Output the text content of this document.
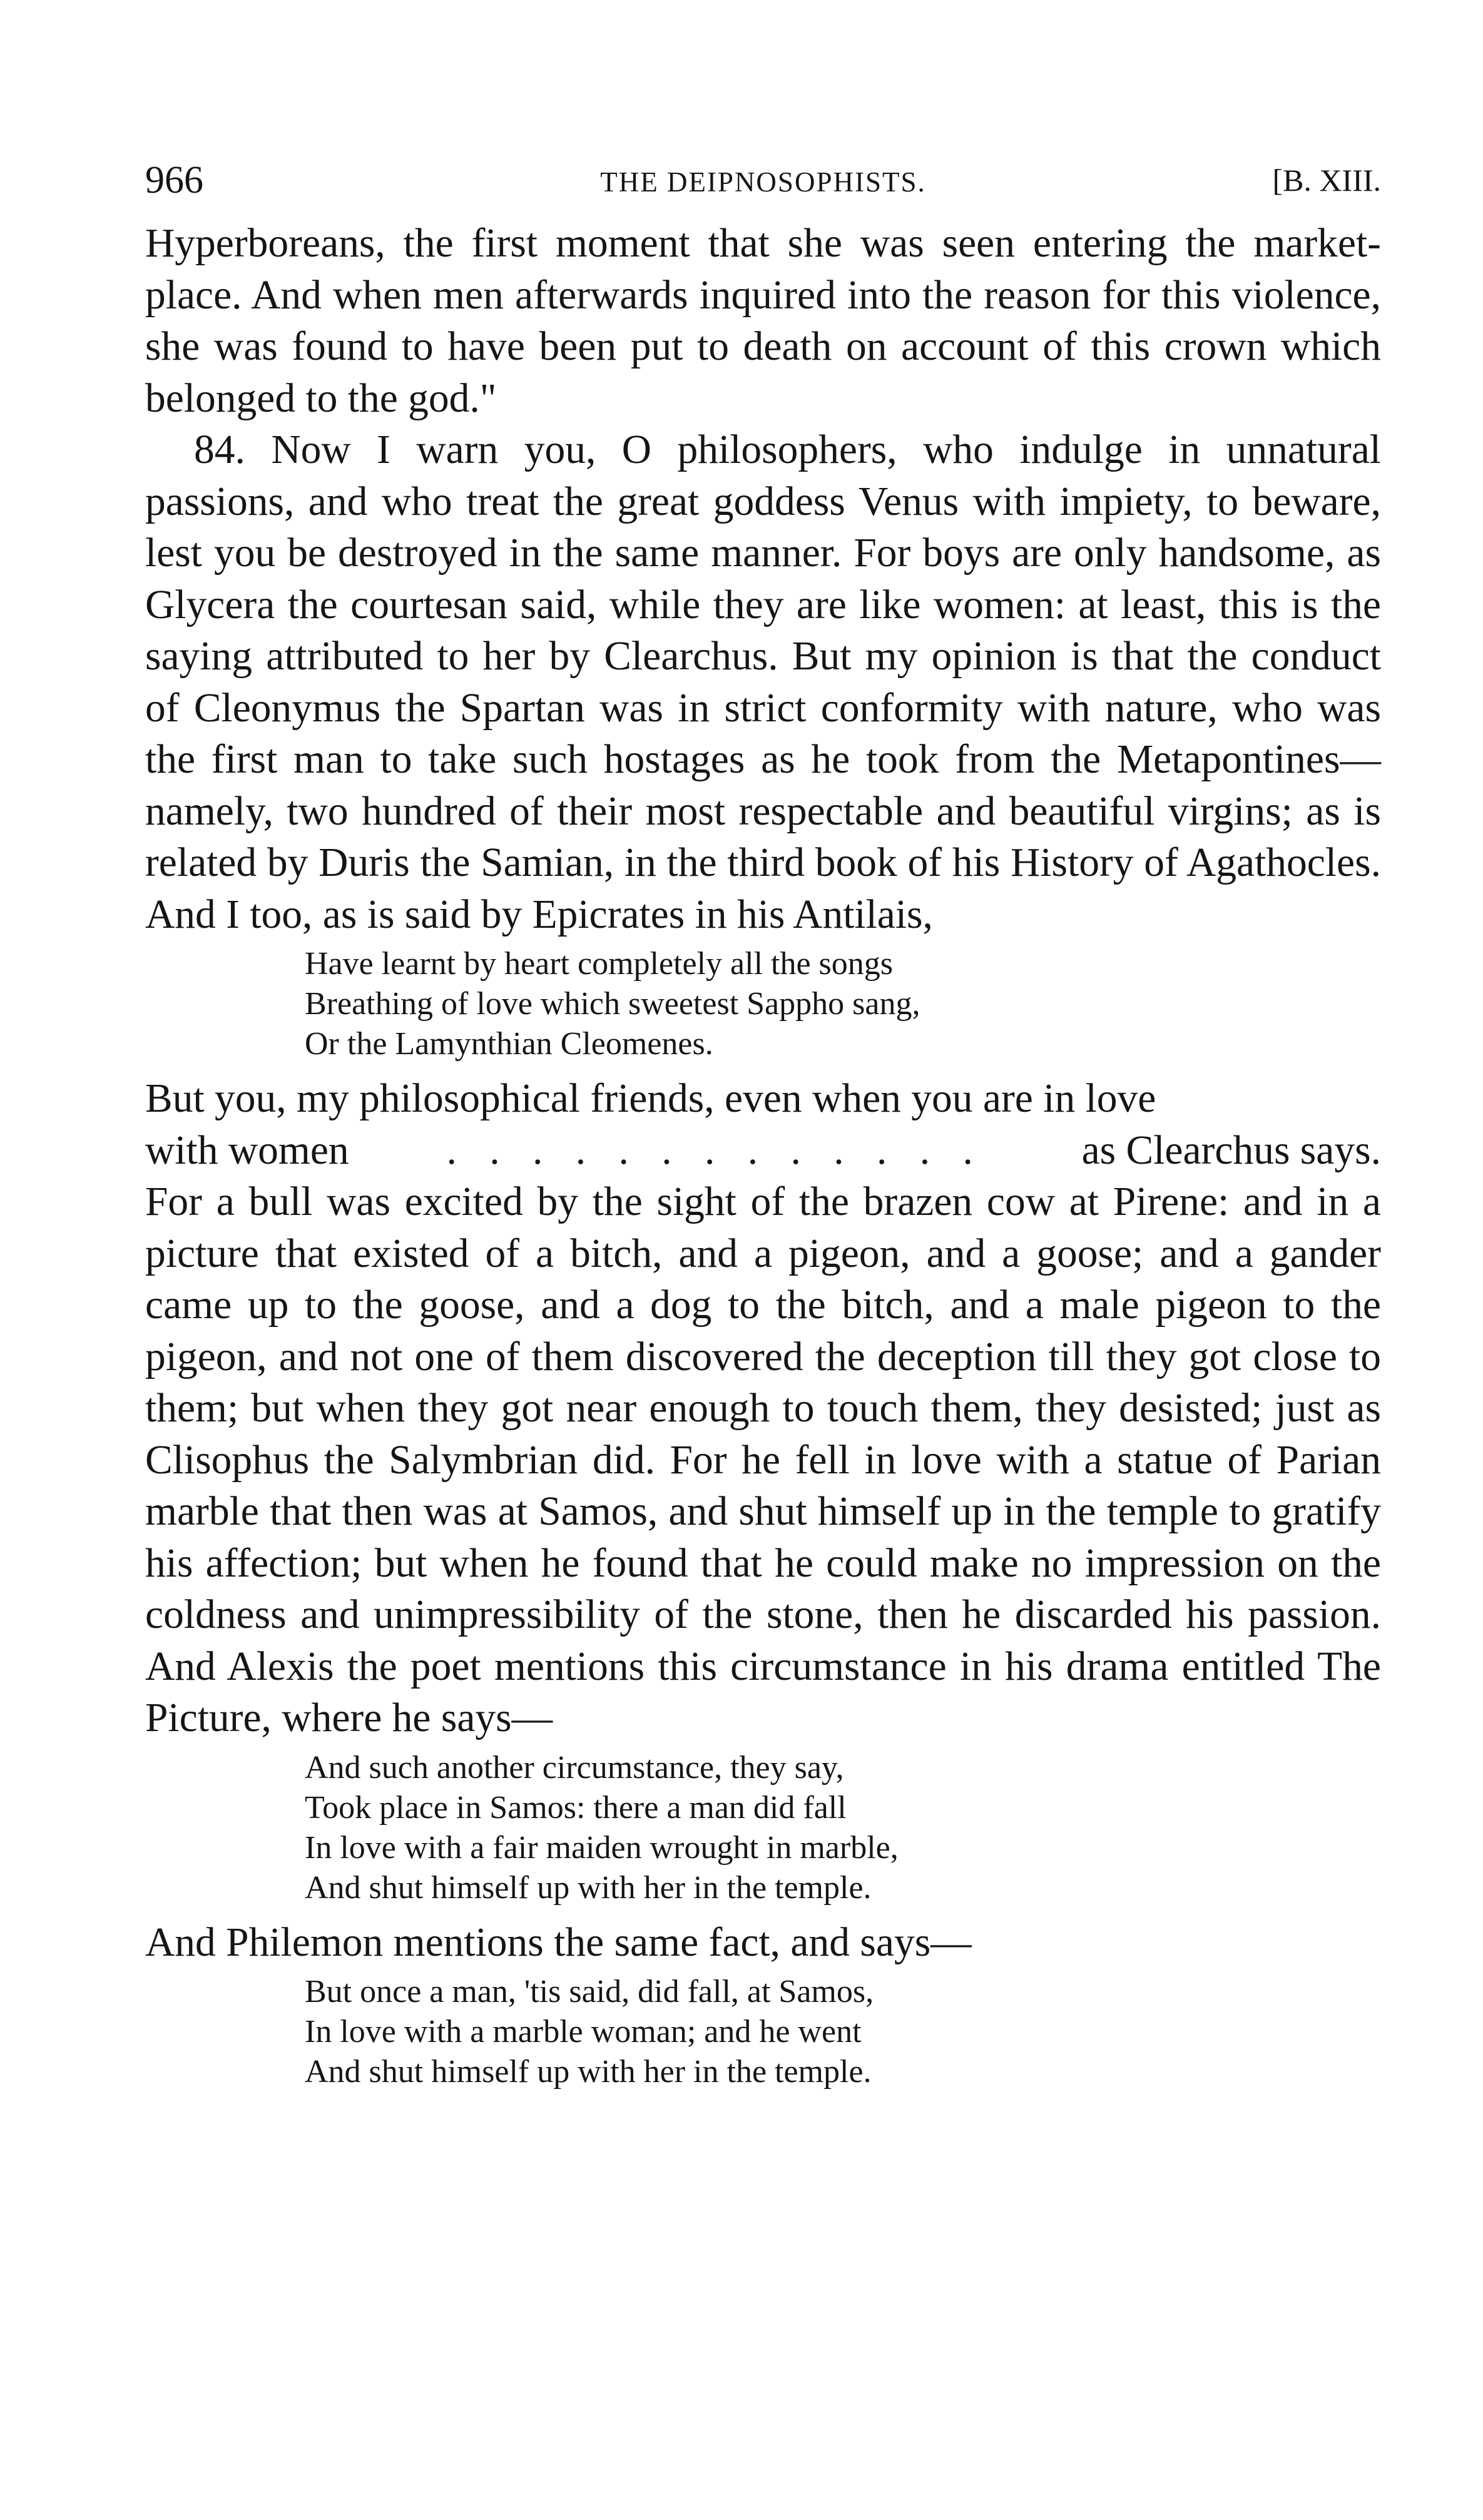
966	THE DEIPNOSOPHISTS.	[B. XIII.

Hyperboreans, the first moment that she was seen entering the market-place. And when men afterwards inquired into the reason for this violence, she was found to have been put to death on account of this crown which belonged to the god."

84. Now I warn you, O philosophers, who indulge in unnatural passions, and who treat the great goddess Venus with impiety, to beware, lest you be destroyed in the same manner. For boys are only handsome, as Glycera the courtesan said, while they are like women: at least, this is the saying attributed to her by Clearchus. But my opinion is that the conduct of Cleonymus the Spartan was in strict conformity with nature, who was the first man to take such hostages as he took from the Metapontines—namely, two hundred of their most respectable and beautiful virgins; as is related by Duris the Samian, in the third book of his History of Agathocles. And I too, as is said by Epicrates in his Antilais,

Have learnt by heart completely all the songs
Breathing of love which sweetest Sappho sang,
Or the Lamynthian Cleomenes.

But you, my philosophical friends, even when you are in love

with women	. . . . . . . . . . . . .	as Clearchus says.

For a bull was excited by the sight of the brazen cow at Pirene: and in a picture that existed of a bitch, and a pigeon, and a goose; and a gander came up to the goose, and a dog to the bitch, and a male pigeon to the pigeon, and not one of them discovered the deception till they got close to them; but when they got near enough to touch them, they desisted; just as Clisophus the Salymbrian did. For he fell in love with a statue of Parian marble that then was at Samos, and shut himself up in the temple to gratify his affection; but when he found that he could make no impression on the coldness and unimpressibility of the stone, then he discarded his passion. And Alexis the poet mentions this circumstance in his drama entitled The Picture, where he says—

And such another circumstance, they say,
Took place in Samos: there a man did fall
In love with a fair maiden wrought in marble,
And shut himself up with her in the temple.

And Philemon mentions the same fact, and says—

But once a man, 'tis said, did fall, at Samos,
In love with a marble woman; and he went
And shut himself up with her in the temple.
